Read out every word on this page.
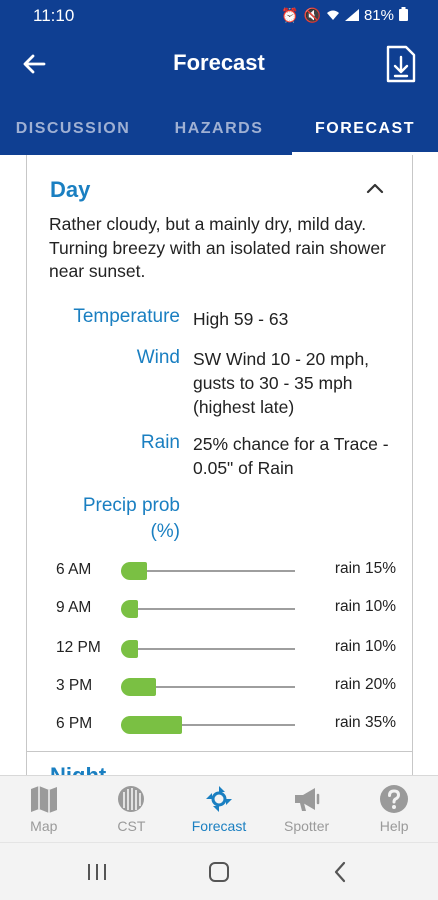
11:10	⏰ 🔇	81%
Forecast
DISCUSSION	HAZARDS	FORECAST
Day
Rather cloudy, but a mainly dry, mild day. Turning breezy with an isolated rain shower near sunset.
Temperature High 59 - 63
Wind SW Wind 10 - 20 mph, gusts to 30 - 35 mph (highest late)
Rain 25% chance for a Trace - 0.05" of Rain
Precip prob
(%)
6 AM	rain 15%
9 AM	rain 10%
12 PM	rain 10%
3 PM	rain 20%
6 PM	rain 35%
Map	CST	Forecast	Spotter	Help
